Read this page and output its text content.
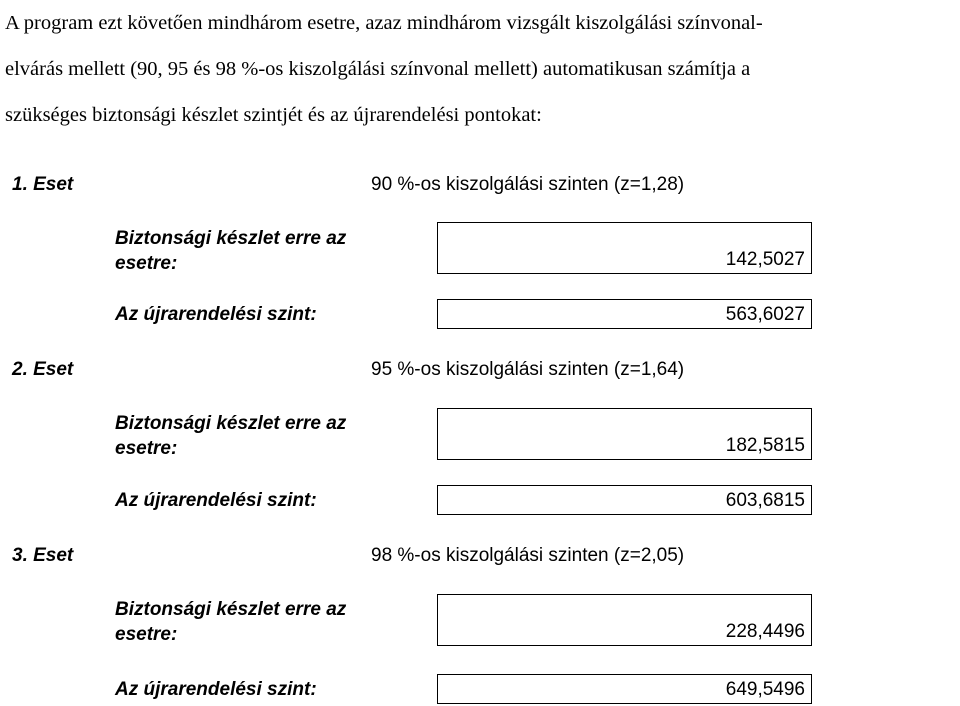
A program ezt követően mindhárom esetre, azaz mindhárom vizsgált kiszolgálási színvonal-
elvárás mellett (90, 95 és 98 %-os kiszolgálási színvonal mellett) automatikusan számítja a
szükséges biztonsági készlet szintjét és az újrarendelési pontokat:
1. Eset	90 %-os kiszolgálási szinten (z=1,28)
Biztonsági készlet erre az
esetre:	142,5027
Az újrarendelési szint:	563,6027
2. Eset	95 %-os kiszolgálási szinten (z=1,64)
Biztonsági készlet erre az
esetre:	182,5815
Az újrarendelési szint:	603,6815
3. Eset	98 %-os kiszolgálási szinten (z=2,05)
Biztonsági készlet erre az
esetre:	228,4496
Az újrarendelési szint:	649,5496
